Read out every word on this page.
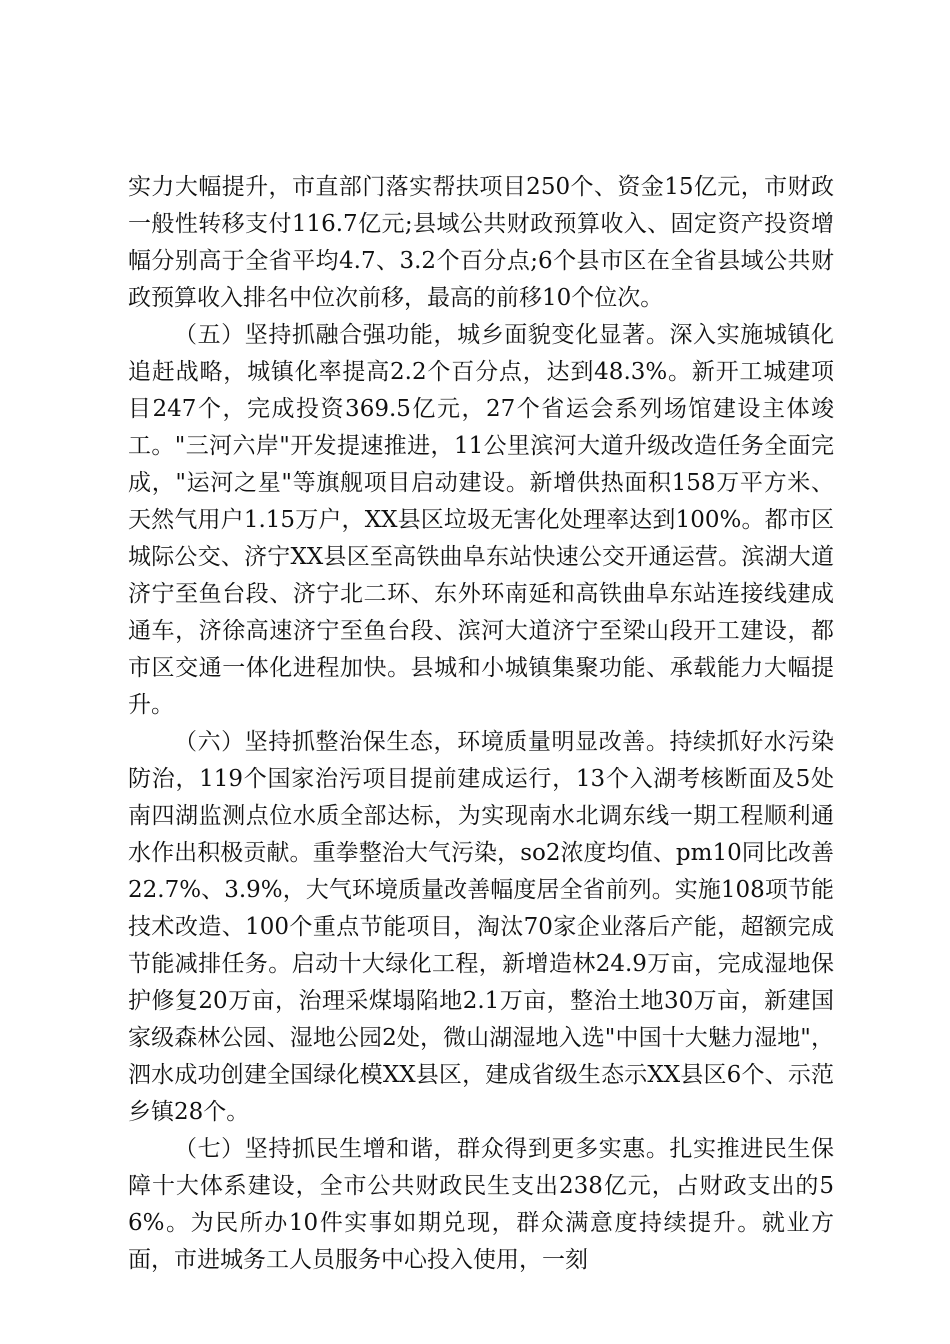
实力大幅提升，市直部门落实帮扶项目250个、资金15亿元，市财政一般性转移支付116.7亿元;县域公共财政预算收入、固定资产投资增幅分别高于全省平均4.7、3.2个百分点;6个县市区在全省县域公共财政预算收入排名中位次前移，最高的前移10个位次。

（五）坚持抓融合强功能，城乡面貌变化显著。深入实施城镇化追赶战略，城镇化率提高2.2个百分点，达到48.3%。新开工城建项目247个，完成投资369.5亿元，27个省运会系列场馆建设主体竣工。"三河六岸"开发提速推进，11公里滨河大道升级改造任务全面完成，"运河之星"等旗舰项目启动建设。新增供热面积158万平方米、天然气用户1.15万户，XX县区垃圾无害化处理率达到100%。都市区城际公交、济宁XX县区至高铁曲阜东站快速公交开通运营。滨湖大道济宁至鱼台段、济宁北二环、东外环南延和高铁曲阜东站连接线建成通车，济徐高速济宁至鱼台段、滨河大道济宁至梁山段开工建设，都市区交通一体化进程加快。县城和小城镇集聚功能、承载能力大幅提升。

（六）坚持抓整治保生态，环境质量明显改善。持续抓好水污染防治，119个国家治污项目提前建成运行，13个入湖考核断面及5处南四湖监测点位水质全部达标，为实现南水北调东线一期工程顺利通水作出积极贡献。重拳整治大气污染，so2浓度均值、pm10同比改善22.7%、3.9%，大气环境质量改善幅度居全省前列。实施108项节能技术改造、100个重点节能项目，淘汰70家企业落后产能，超额完成节能减排任务。启动十大绿化工程，新增造林24.9万亩，完成湿地保护修复20万亩，治理采煤塌陷地2.1万亩，整治土地30万亩，新建国家级森林公园、湿地公园2处，微山湖湿地入选"中国十大魅力湿地"，泗水成功创建全国绿化模XX县区，建成省级生态示XX县区6个、示范乡镇28个。

（七）坚持抓民生增和谐，群众得到更多实惠。扎实推进民生保障十大体系建设，全市公共财政民生支出238亿元，占财政支出的56%。为民所办10件实事如期兑现，群众满意度持续提升。就业方面，市进城务工人员服务中心投入使用，一刻
